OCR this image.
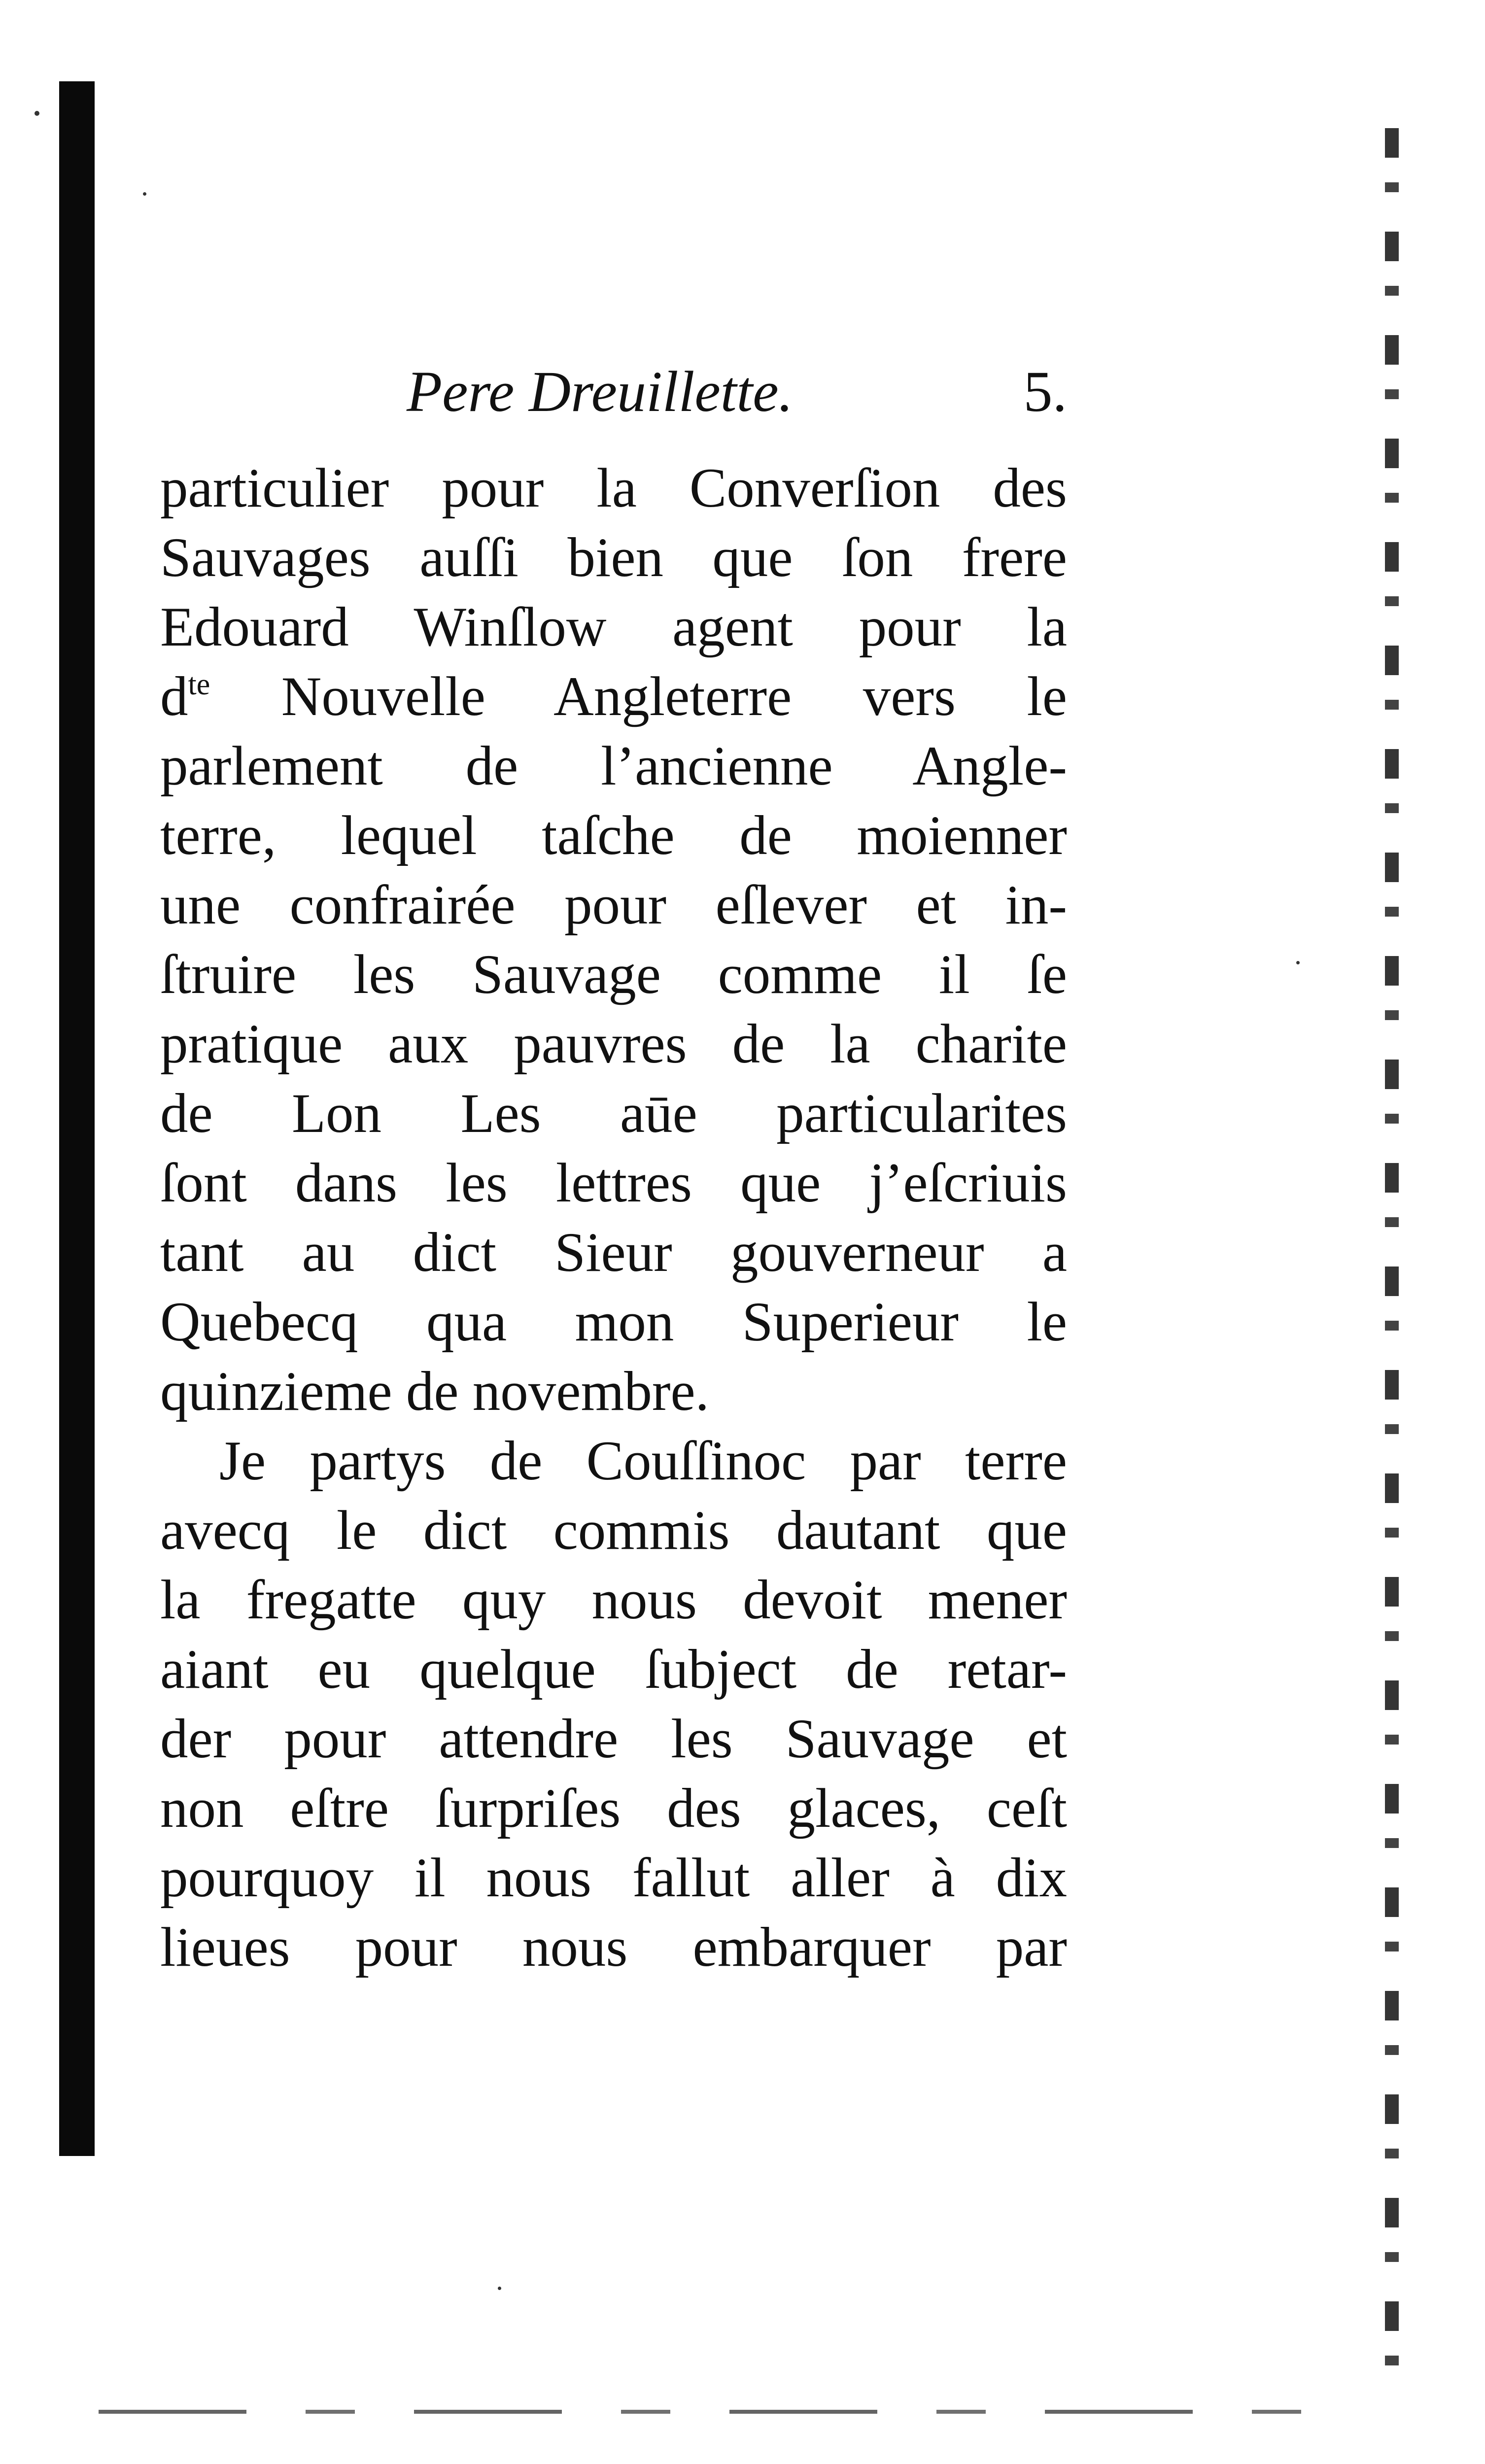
Pere Dreuillette.	5.
particulier pour la Converſion des
Sauvages auſſi bien que ſon frere
Edouard Winſlow agent pour la
$d^{te}$ Nouvelle Angleterre vers le
parlement de l’ancienne Angle-
terre, lequel taſche de moienner
une confrairée pour eſlever et in-
ſtruire les Sauvage comme il ſe
pratique aux pauvres de la charite
de Lon Les aūe particularites
ſont dans les lettres que j’eſcriuis
tant au dict Sieur gouverneur a
Quebecq qua mon Superieur le
quinzieme de novembre.
Je partys de Couſſinoc par terre
avecq le dict commis dautant que
la fregatte quy nous devoit mener
aiant eu quelque ſubject de retar-
der pour attendre les Sauvage et
non eſtre ſurpriſes des glaces, ceſt
pourquoy il nous fallut aller à dix
lieues pour nous embarquer par
